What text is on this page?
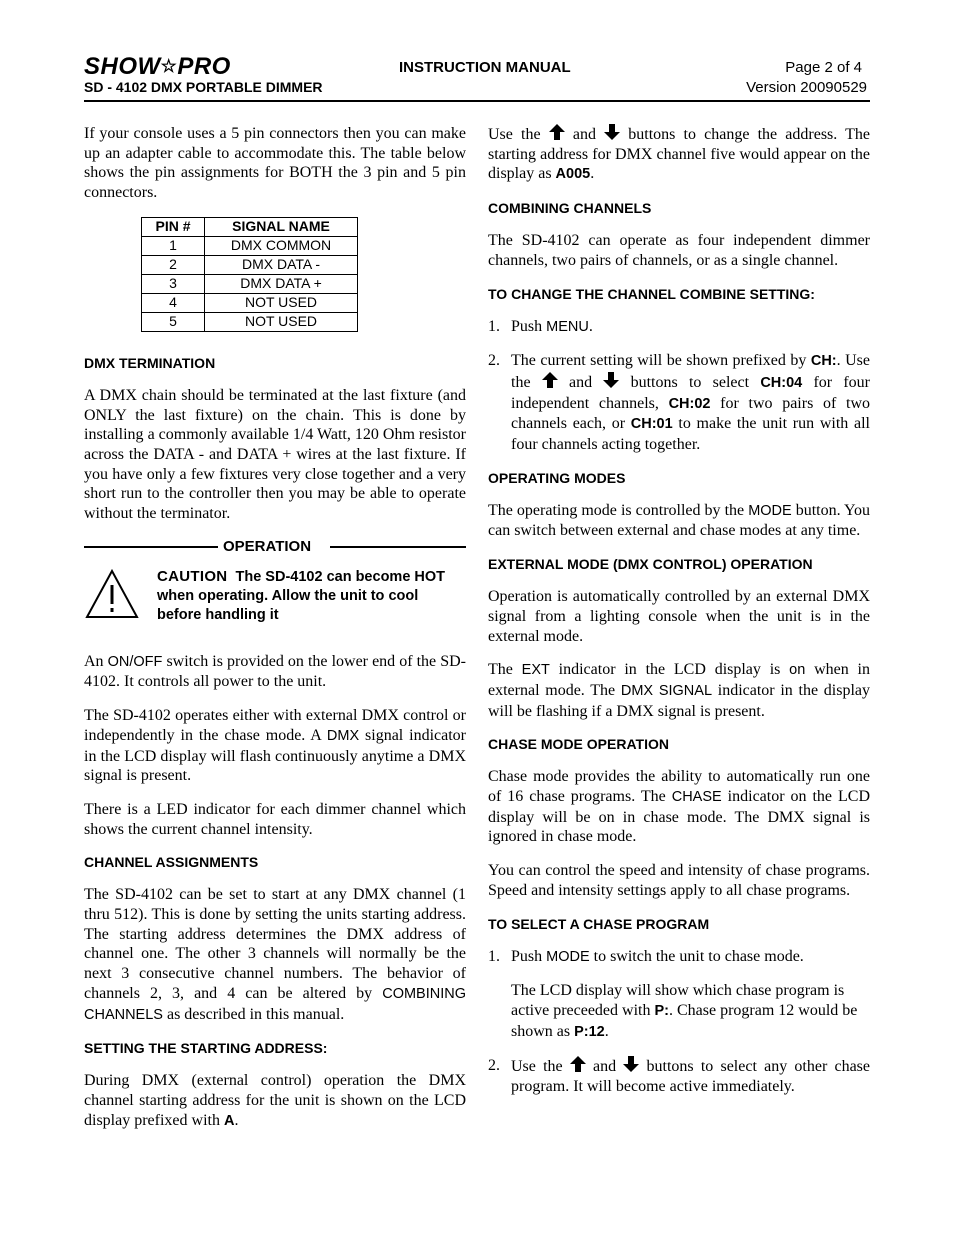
SHOW☆PRO	INSTRUCTION MANUAL	Page 2 of 4
SD - 4102 DMX PORTABLE DIMMER	Version 20090529

If your console uses a 5 pin connectors then you can make up an adapter cable to accommodate this. The table below shows the pin assignments for BOTH the 3 pin and 5 pin connectors.

PIN #	SIGNAL NAME
1	DMX COMMON
2	DMX DATA -
3	DMX DATA +
4	NOT USED
5	NOT USED
DMX TERMINATION

A DMX chain should be terminated at the last fixture (and ONLY the last fixture) on the chain. This is done by installing a commonly available 1/4 Watt, 120 Ohm resistor across the DATA - and DATA + wires at the last fixture. If you have only a few fixtures very close together and a very short run to the controller then you may be able to operate without the terminator.

OPERATION
CAUTION The SD-4102 can become HOT when operating. Allow the unit to cool before handling it

An ON/OFF switch is provided on the lower end of the SD-4102. It controls all power to the unit.

The SD-4102 operates either with external DMX control or independently in the chase mode. A DMX signal indicator in the LCD display will flash continuously anytime a DMX signal is present.

There is a LED indicator for each dimmer channel which shows the current channel intensity.

CHANNEL ASSIGNMENTS

The SD-4102 can be set to start at any DMX channel (1 thru 512). This is done by setting the units starting address. The starting address determines the DMX address of channel one. The other 3 channels will normally be the next 3 consecutive channel numbers. The behavior of channels 2, 3, and 4 can be altered by COMBINING CHANNELS as described in this manual.

SETTING THE STARTING ADDRESS:

During DMX (external control) operation the DMX channel starting address for the unit is shown on the LCD display prefixed with A.

Use the  and  buttons to change the address. The starting address for DMX channel five would appear on the display as A005.

COMBINING CHANNELS

The SD-4102 can operate as four independent dimmer channels, two pairs of channels, or as a single channel.

TO CHANGE THE CHANNEL COMBINE SETTING:
1. Push MENU.
2. The current setting will be shown prefixed by CH:. Use the  and  buttons to select CH:04 for four independent channels, CH:02 for two pairs of two channels each, or CH:01 to make the unit run with all four channels acting together.
OPERATING MODES

The operating mode is controlled by the MODE button. You can switch between external and chase modes at any time.

EXTERNAL MODE (DMX CONTROL) OPERATION

Operation is automatically controlled by an external DMX signal from a lighting console when the unit is in the external mode.

The EXT indicator in the LCD display is on when in external mode. The DMX SIGNAL indicator in the display will be flashing if a DMX signal is present.

CHASE MODE OPERATION

Chase mode provides the ability to automatically run one of 16 chase programs. The CHASE indicator on the LCD display will be on in chase mode. The DMX signal is ignored in chase mode.

You can control the speed and intensity of chase programs. Speed and intensity settings apply to all chase programs.

TO SELECT A CHASE PROGRAM
1. Push MODE to switch the unit to chase mode.
The LCD display will show which chase program is active preceeded with P:. Chase program 12 would be shown as P:12.
2. Use the  and  buttons to select any other chase program. It will become active immediately.
